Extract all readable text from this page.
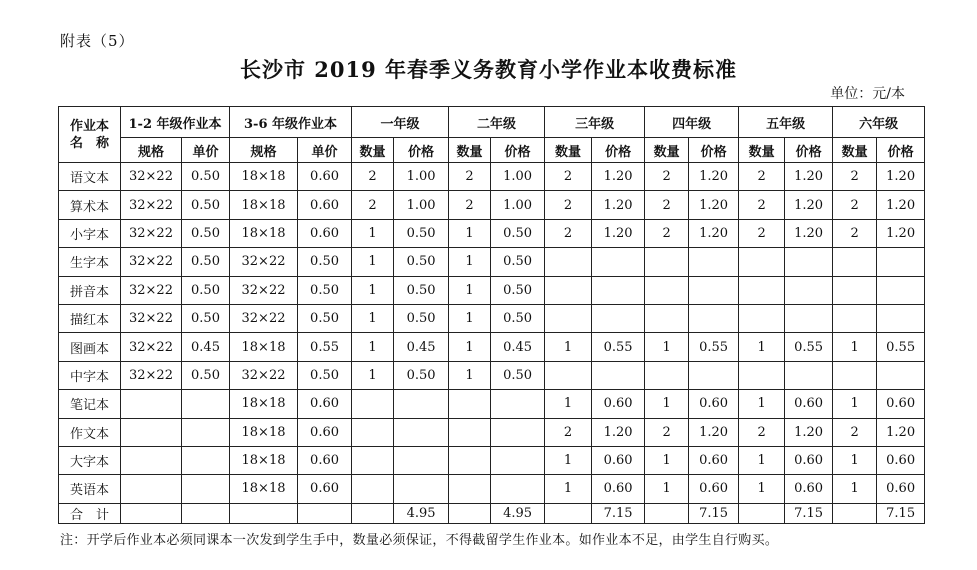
附表（5）
长沙市 2019 年春季义务教育小学作业本收费标准
单位：元/本
作业本
名　称	1-2 年级作业本		3-6 年级作业本		一年级		二年级		三年级		四年级		五年级		六年级	
	规格	单价	规格	单价	数量	价格	数量	价格	数量	价格	数量	价格	数量	价格	数量	价格
语文本	32×22	0.50	18×18	0.60	2	1.00	2	1.00	2	1.20	2	1.20	2	1.20	2	1.20
算术本	32×22	0.50	18×18	0.60	2	1.00	2	1.00	2	1.20	2	1.20	2	1.20	2	1.20
小字本	32×22	0.50	18×18	0.60	1	0.50	1	0.50	2	1.20	2	1.20	2	1.20	2	1.20
生字本	32×22	0.50	32×22	0.50	1	0.50	1	0.50								
拼音本	32×22	0.50	32×22	0.50	1	0.50	1	0.50								
描红本	32×22	0.50	32×22	0.50	1	0.50	1	0.50								
图画本	32×22	0.45	18×18	0.55	1	0.45	1	0.45	1	0.55	1	0.55	1	0.55	1	0.55
中字本	32×22	0.50	32×22	0.50	1	0.50	1	0.50								
笔记本			18×18	0.60					1	0.60	1	0.60	1	0.60	1	0.60
作文本			18×18	0.60					2	1.20	2	1.20	2	1.20	2	1.20
大字本			18×18	0.60					1	0.60	1	0.60	1	0.60	1	0.60
英语本			18×18	0.60					1	0.60	1	0.60	1	0.60	1	0.60
合　计						4.95		4.95		7.15		7.15		7.15		7.15
注：开学后作业本必须同课本一次发到学生手中，数量必须保证，不得截留学生作业本。如作业本不足，由学生自行购买。
